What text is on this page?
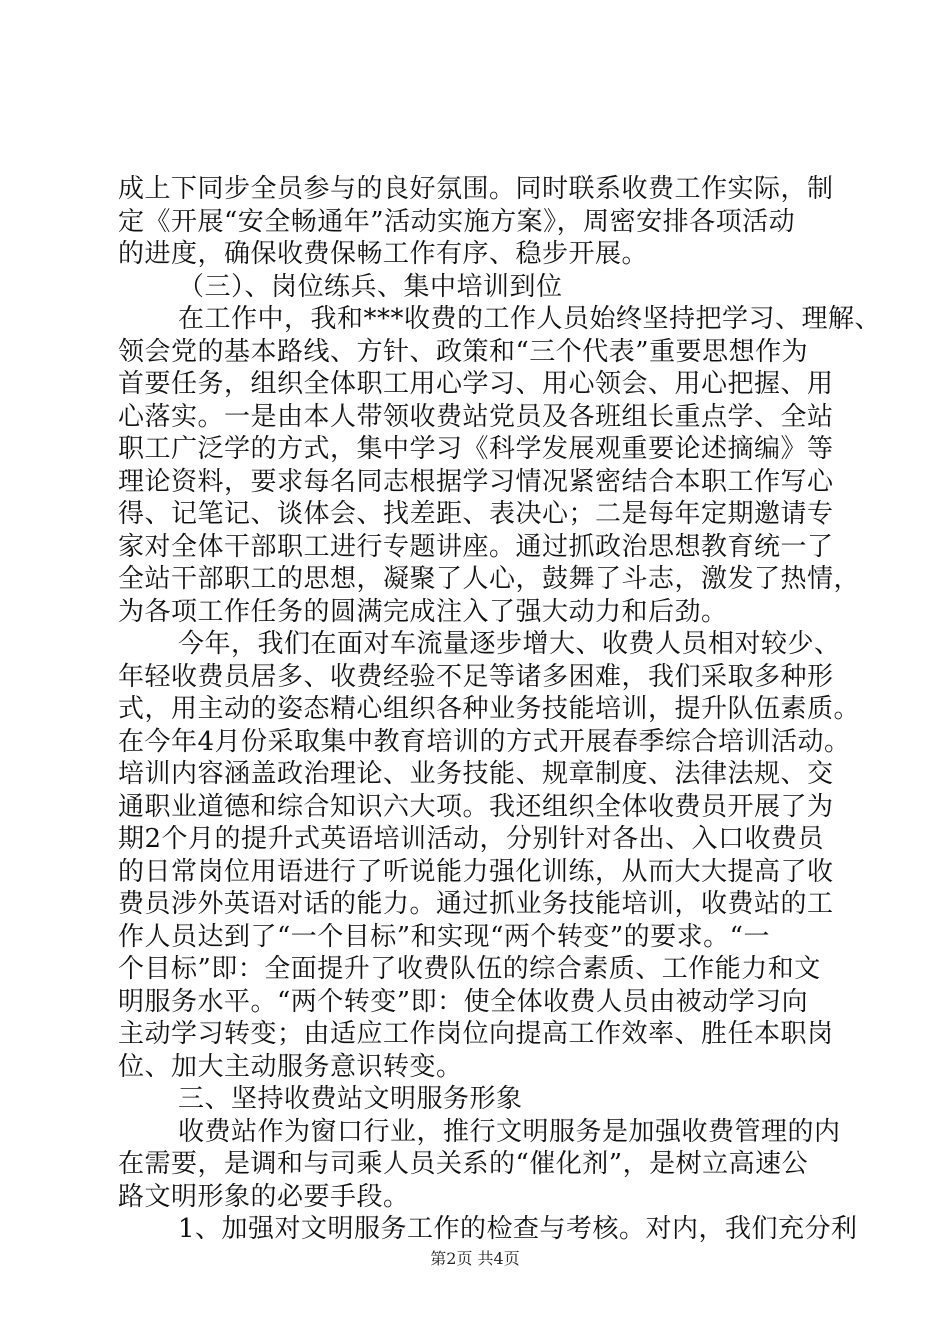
成上下同步全员参与的良好氛围。同时联系收费工作实际，制
定《开展“安全畅通年”活动实施方案》，周密安排各项活动
的进度，确保收费保畅工作有序、稳步开展。
（三）、岗位练兵、集中培训到位
在工作中，我和***收费的工作人员始终坚持把学习、理解、
领会党的基本路线、方针、政策和“三个代表”重要思想作为
首要任务，组织全体职工用心学习、用心领会、用心把握、用
心落实。一是由本人带领收费站党员及各班组长重点学、全站
职工广泛学的方式，集中学习《科学发展观重要论述摘编》等
理论资料，要求每名同志根据学习情况紧密结合本职工作写心
得、记笔记、谈体会、找差距、表决心；二是每年定期邀请专
家对全体干部职工进行专题讲座。通过抓政治思想教育统一了
全站干部职工的思想，凝聚了人心，鼓舞了斗志，激发了热情，
为各项工作任务的圆满完成注入了强大动力和后劲。
今年，我们在面对车流量逐步增大、收费人员相对较少、
年轻收费员居多、收费经验不足等诸多困难，我们采取多种形
式，用主动的姿态精心组织各种业务技能培训，提升队伍素质。
在今年4月份采取集中教育培训的方式开展春季综合培训活动。
培训内容涵盖政治理论、业务技能、规章制度、法律法规、交
通职业道德和综合知识六大项。我还组织全体收费员开展了为
期2个月的提升式英语培训活动，分别针对各出、入口收费员
的日常岗位用语进行了听说能力强化训练，从而大大提高了收
费员涉外英语对话的能力。通过抓业务技能培训，收费站的工
作人员达到了“一个目标”和实现“两个转变”的要求。“一
个目标”即：全面提升了收费队伍的综合素质、工作能力和文
明服务水平。“两个转变”即：使全体收费人员由被动学习向
主动学习转变；由适应工作岗位向提高工作效率、胜任本职岗
位、加大主动服务意识转变。
三、坚持收费站文明服务形象
收费站作为窗口行业，推行文明服务是加强收费管理的内
在需要，是调和与司乘人员关系的“催化剂”，是树立高速公
路文明形象的必要手段。
1、加强对文明服务工作的检查与考核。对内，我们充分利
第2页 共4页
